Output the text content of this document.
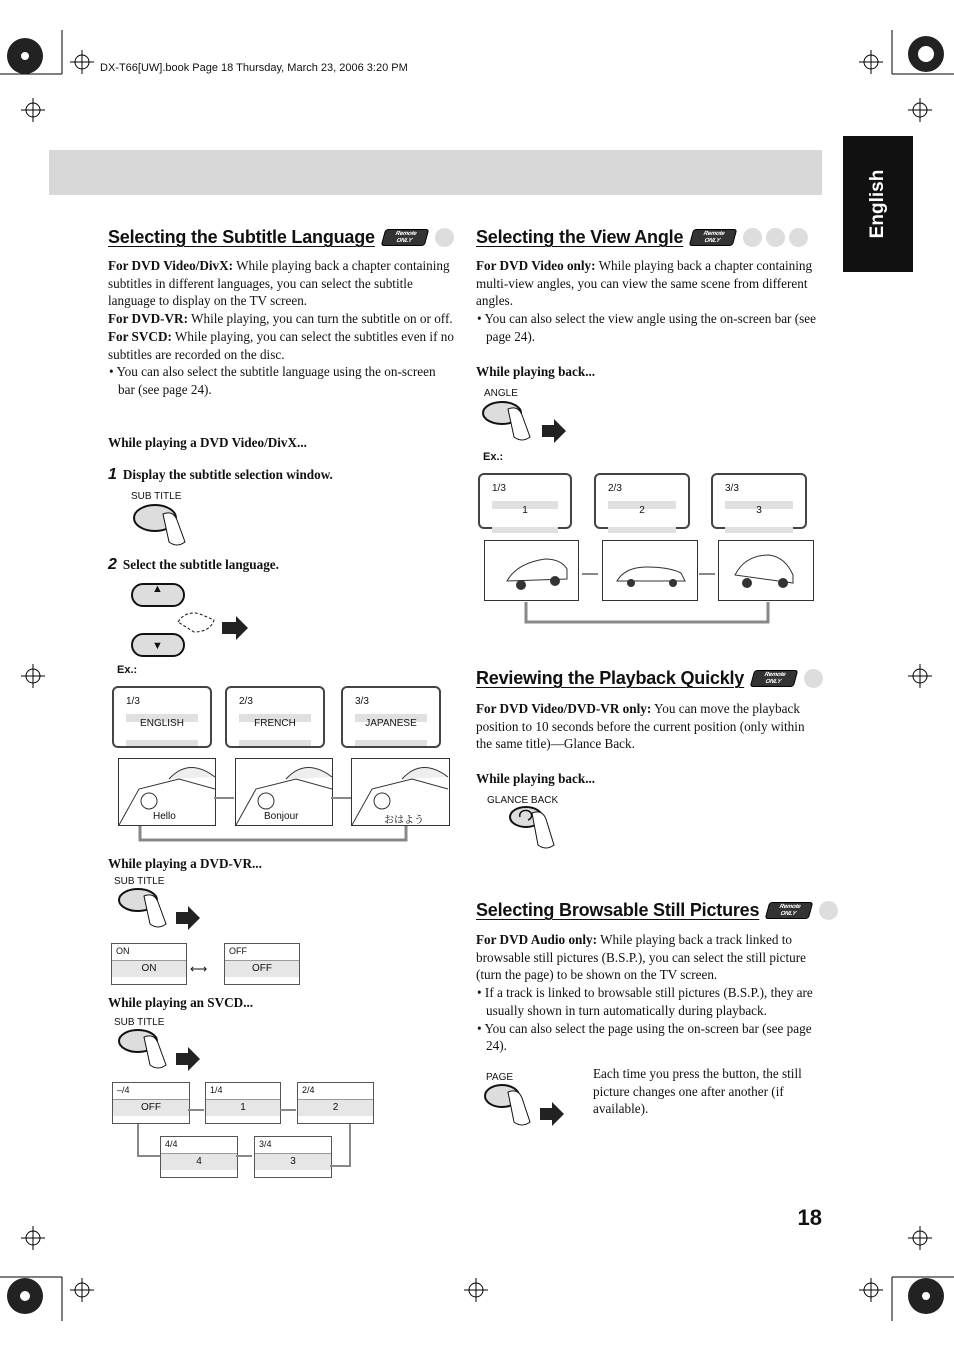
DX-T66[UW].book Page 18 Thursday, March 23, 2006 3:20 PM
English
Selecting the Subtitle Language	Remote
ONLY

For DVD Video/DivX: While playing back a chapter containing subtitles in different languages, you can select the subtitle language to display on the TV screen.

For DVD-VR: While playing, you can turn the subtitle on or off.

For SVCD: While playing, you can select the subtitles even if no subtitles are recorded on the disc.

• You can also select the subtitle language using the on-screen bar (see page 24).

While playing a DVD Video/DivX...
1 Display the subtitle selection window.
SUB TITLE
2 Select the subtitle language.
▲
▼
Ex.:
1/3
ENGLISH
2/3
FRENCH
3/3
JAPANESE
Hello	Bonjour	おはよう
While playing a DVD-VR...
SUB TITLE
ON
ON	⟷
OFF
OFF
While playing an SVCD...
SUB TITLE
–/4
OFF
1/4
1
2/4
2
4/4
4
3/4
3
Selecting the View Angle	Remote
ONLY

For DVD Video only: While playing back a chapter containing multi-view angles, you can view the same scene from different angles.

• You can also select the view angle using the on-screen bar (see page 24).

While playing back...
ANGLE
Ex.:
1/3
1
2/3
2
3/3
3
Reviewing the Playback Quickly	Remote
ONLY

For DVD Video/DVD-VR only: You can move the playback position to 10 seconds before the current position (only within the same title)—Glance Back.

While playing back...
GLANCE BACK
Selecting Browsable Still Pictures	Remote
ONLY

For DVD Audio only: While playing back a track linked to browsable still pictures (B.S.P.), you can select the still picture (turn the page) to be shown on the TV screen.

• If a track is linked to browsable still pictures (B.S.P.), they are usually shown in turn automatically during playback.

• You can also select the page using the on-screen bar (see page 24).

PAGE	Each time you press the button, the still picture changes one after another (if available).
18
